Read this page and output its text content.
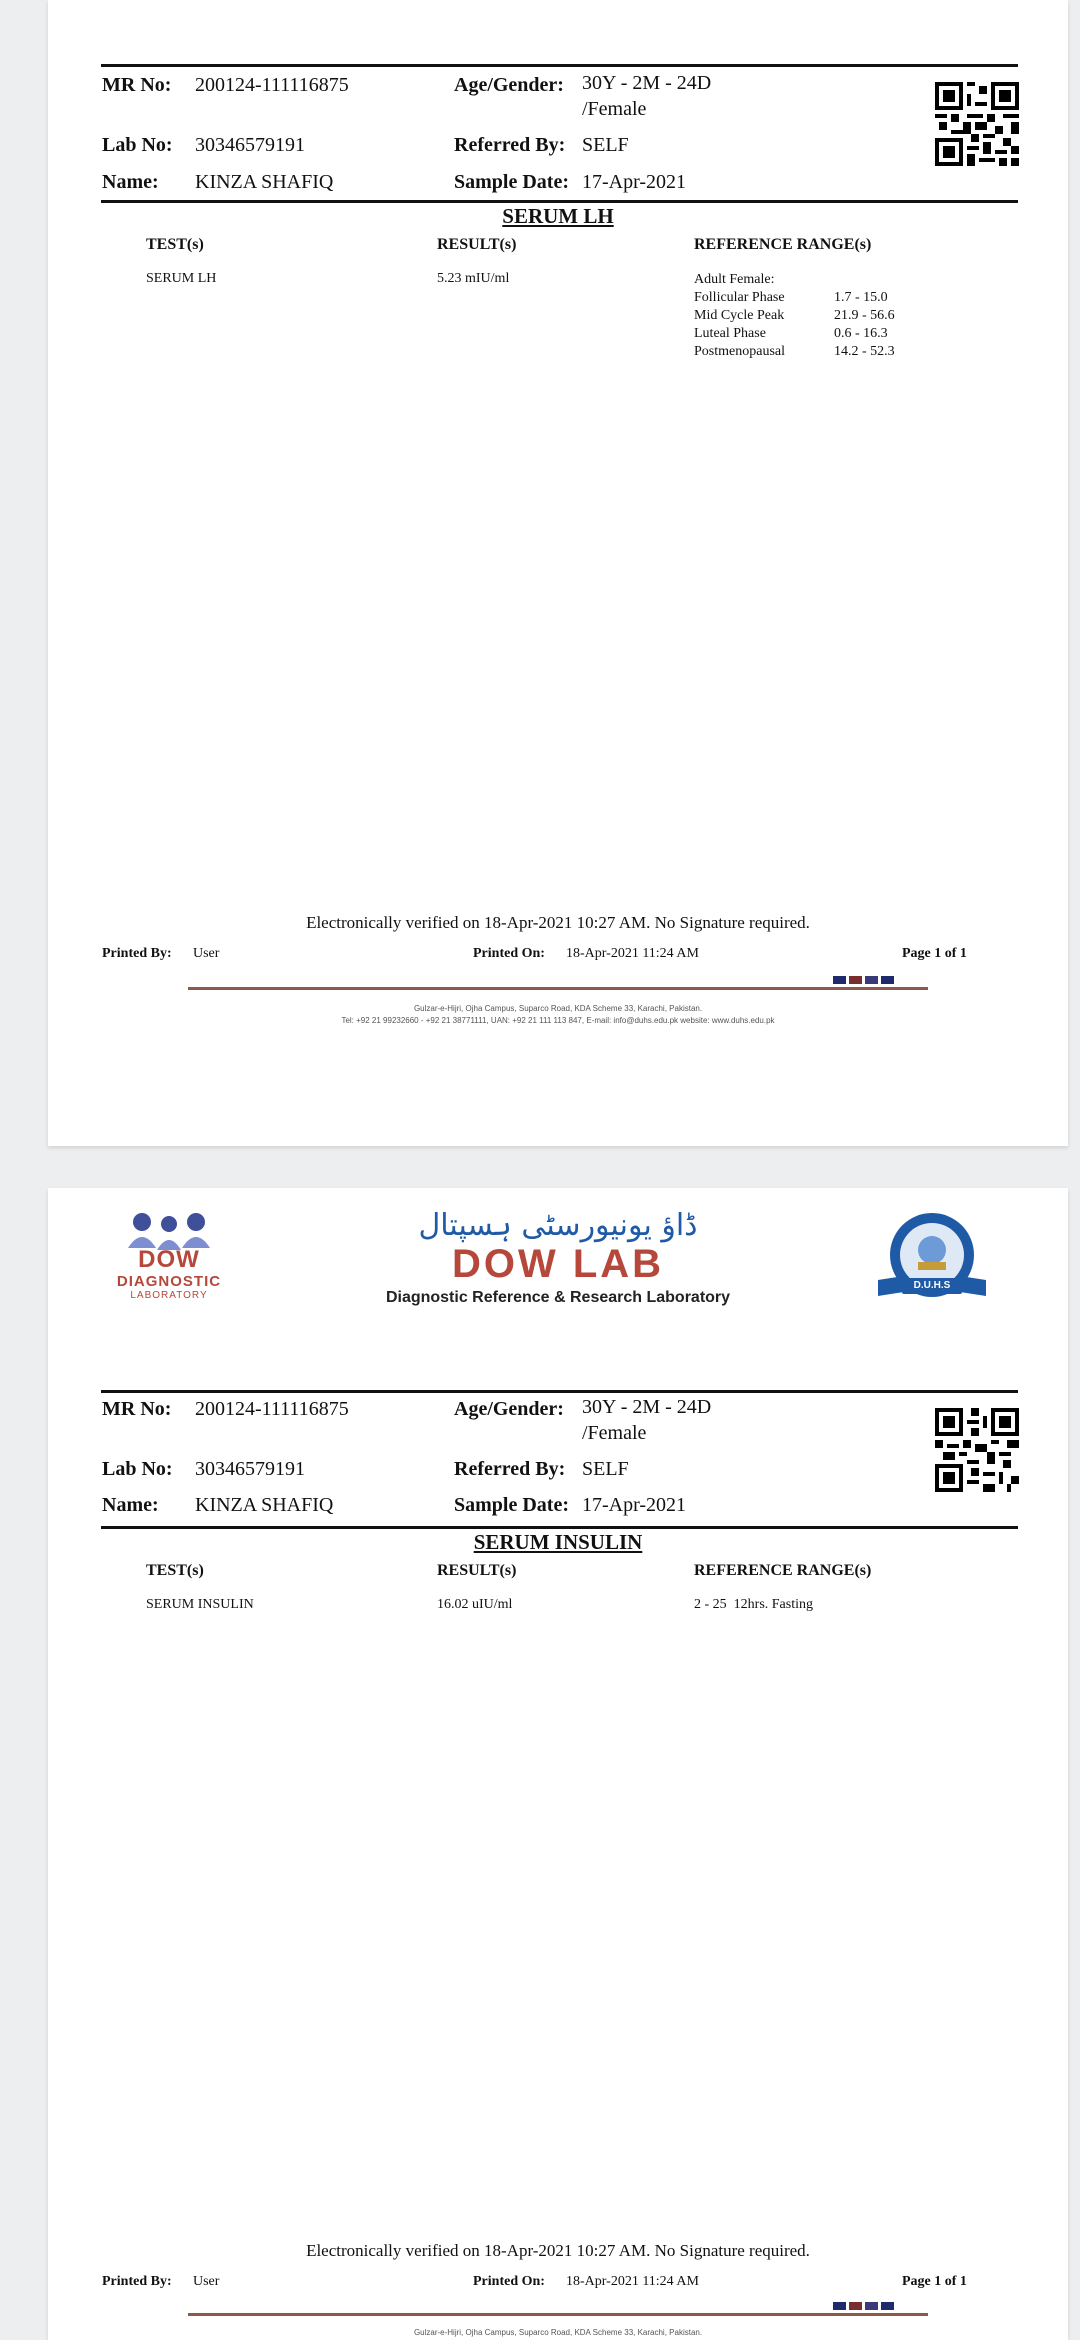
MR No: 200124-111116875	Age/Gender: 30Y - 2M - 24D
/Female
Lab No: 30346579191	Referred By: SELF
Name: KINZA SHAFIQ	Sample Date: 17-Apr-2021
SERUM LH
TEST(s)	RESULT(s)	REFERENCE RANGE(s)
SERUM LH	5.23 mIU/ml	Adult Female:
Follicular Phase	1.7 - 15.0
Mid Cycle Peak	21.9 - 56.6
Luteal Phase	0.6 - 16.3
Postmenopausal	14.2 - 52.3
Electronically verified on 18-Apr-2021 10:27 AM. No Signature required.
Printed By: User	Printed On: 18-Apr-2021 11:24 AM	Page 1 of 1
Gulzar-e-Hijri, Ojha Campus, Suparco Road, KDA Scheme 33, Karachi, Pakistan.
Tel: +92 21 99232660 - +92 21 38771111, UAN: +92 21 111 113 847, E-mail: info@duhs.edu.pk website: www.duhs.edu.pk
DOW
DIAGNOSTIC
LABORATORY
ڈاؤ یونیورسٹی ہسپتال
DOW LAB
Diagnostic Reference & Research Laboratory
D.U.H.S
MR No: 200124-111116875	Age/Gender: 30Y - 2M - 24D
/Female
Lab No: 30346579191	Referred By: SELF
Name: KINZA SHAFIQ	Sample Date: 17-Apr-2021
SERUM INSULIN
TEST(s)	RESULT(s)	REFERENCE RANGE(s)
SERUM INSULIN	16.02 uIU/ml	2 - 25  12hrs. Fasting
Electronically verified on 18-Apr-2021 10:27 AM. No Signature required.
Printed By: User	Printed On: 18-Apr-2021 11:24 AM	Page 1 of 1
Gulzar-e-Hijri, Ojha Campus, Suparco Road, KDA Scheme 33, Karachi, Pakistan.
